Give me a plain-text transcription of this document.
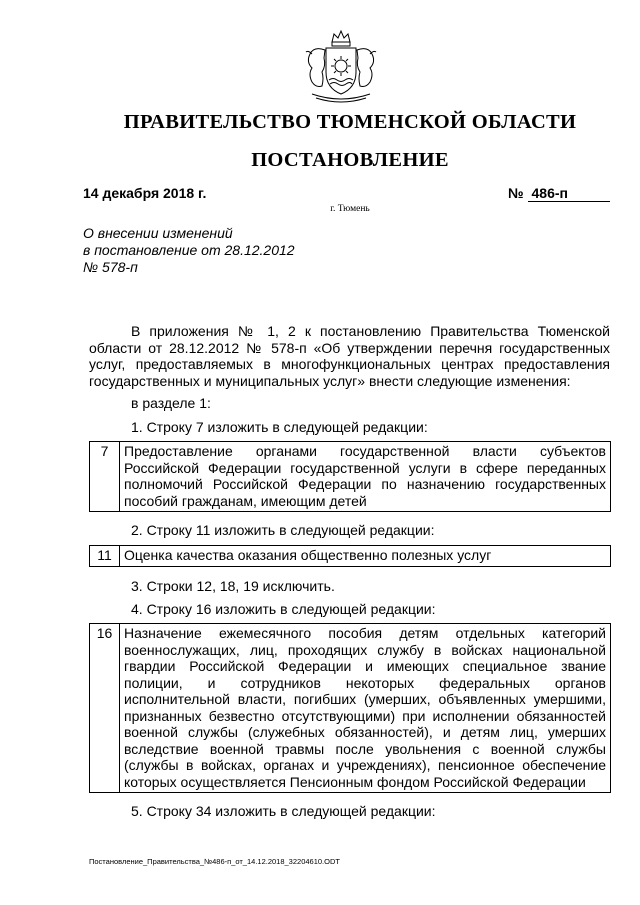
ПРАВИТЕЛЬСТВО ТЮМЕНСКОЙ ОБЛАСТИ
ПОСТАНОВЛЕНИЕ
14 декабря 2018 г.	№ 486-п
г. Тюмень
О внесении изменений
в постановление от 28.12.2012
№ 578-п
В приложения № 1, 2 к постановлению Правительства Тюменской области от 28.12.2012 № 578-п «Об утверждении перечня государственных услуг, предоставляемых в многофункциональных центрах предоставления государственных и муниципальных услуг» внести следующие изменения:
в разделе 1:
1. Строку 7 изложить в следующей редакции:
7	Предоставление органами государственной власти субъектов Российской Федерации государственной услуги в сфере переданных полномочий Российской Федерации по назначению государственных пособий гражданам, имеющим детей
2. Строку 11 изложить в следующей редакции:
11	Оценка качества оказания общественно полезных услуг
3. Строки 12, 18, 19 исключить.
4. Строку 16 изложить в следующей редакции:
16	Назначение ежемесячного пособия детям отдельных категорий военнослужащих, лиц, проходящих службу в войсках национальной гвардии Российской Федерации и имеющих специальное звание полиции, и сотрудников некоторых федеральных органов исполнительной власти, погибших (умерших, объявленных умершими, признанных безвестно отсутствующими) при исполнении обязанностей военной службы (служебных обязанностей), и детям лиц, умерших вследствие военной травмы после увольнения с военной службы (службы в войсках, органах и учреждениях), пенсионное обеспечение которых осуществляется Пенсионным фондом Российской Федерации
5. Строку 34 изложить в следующей редакции:
Постановление_Правительства_№486-п_от_14.12.2018_32204610.ODT
